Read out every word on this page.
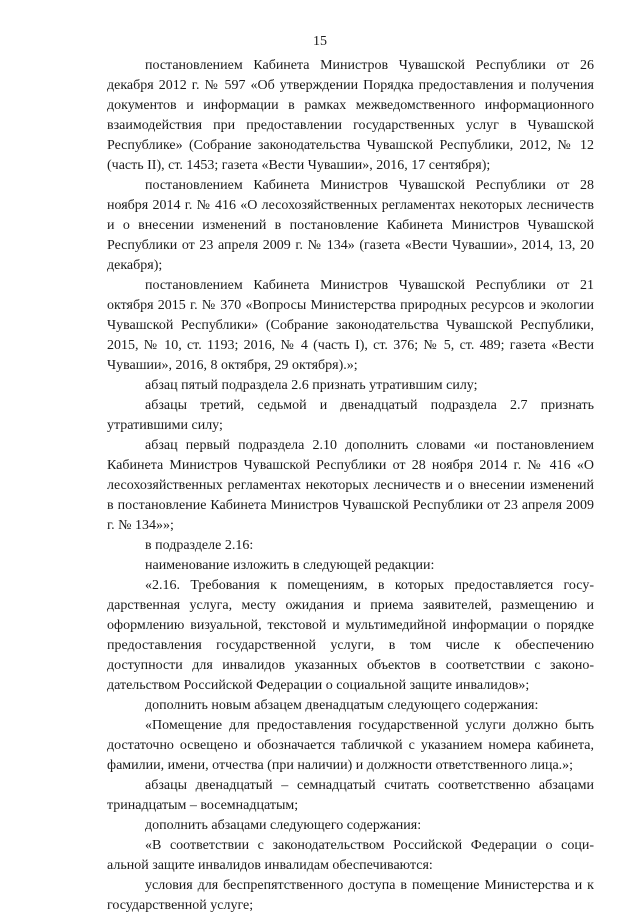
15

постановлением Кабинета Министров Чувашской Республики от 26 декабря 2012 г. № 597 «Об утверждении Порядка предоставления и получения документов и информации в рамках межведомственного информационного взаимодействия при предоставлении государственных услуг в Чувашской Республике» (Собрание законодательства Чувашской Республики, 2012, № 12 (часть II), ст. 1453; газета «Вести Чувашии», 2016, 17 сентября);

постановлением Кабинета Министров Чувашской Республики от 28 ноября 2014 г. № 416 «О лесохозяйственных регламентах некоторых лесничеств и о внесении изменений в постановление Кабинета Министров Чувашской Республики от 23 апреля 2009 г. № 134» (газета «Вести Чувашии», 2014, 13, 20 декабря);

постановлением Кабинета Министров Чувашской Республики от 21 октября 2015 г. № 370 «Вопросы Министерства природных ресурсов и экологии Чувашской Республики» (Собрание законодательства Чувашской Республики, 2015, № 10, ст. 1193; 2016, № 4 (часть I), ст. 376; № 5, ст. 489; газета «Вести Чувашии», 2016, 8 октября, 29 октября).»;

абзац пятый подраздела 2.6 признать утратившим силу;

абзацы третий, седьмой и двенадцатый подраздела 2.7 признать утратившими силу;

абзац первый подраздела 2.10 дополнить словами «и постановлением Кабинета Министров Чувашской Республики от 28 ноября 2014 г. № 416 «О лесохозяйственных регламентах некоторых лесничеств и о внесении изменений в постановление Кабинета Министров Чувашской Республики от 23 апреля 2009 г. № 134»»;

в подразделе 2.16:

наименование изложить в следующей редакции:

«2.16. Требования к помещениям, в которых предоставляется государственная услуга, месту ожидания и приема заявителей, размещению и оформлению визуальной, текстовой и мультимедийной информации о порядке предоставления государственной услуги, в том числе к обеспечению доступности для инвалидов указанных объектов в соответствии с законодательством Российской Федерации о социальной защите инвалидов»;

дополнить новым абзацем двенадцатым следующего содержания:

«Помещение для предоставления государственной услуги должно быть достаточно освещено и обозначается табличкой с указанием номера кабинета, фамилии, имени, отчества (при наличии) и должности ответственного лица.»;

абзацы двенадцатый – семнадцатый считать соответственно абзацами тринадцатым – восемнадцатым;

дополнить абзацами следующего содержания:

«В соответствии с законодательством Российской Федерации о социальной защите инвалидов инвалидам обеспечиваются:

условия для беспрепятственного доступа в помещение Министерства и к государственной услуге;
